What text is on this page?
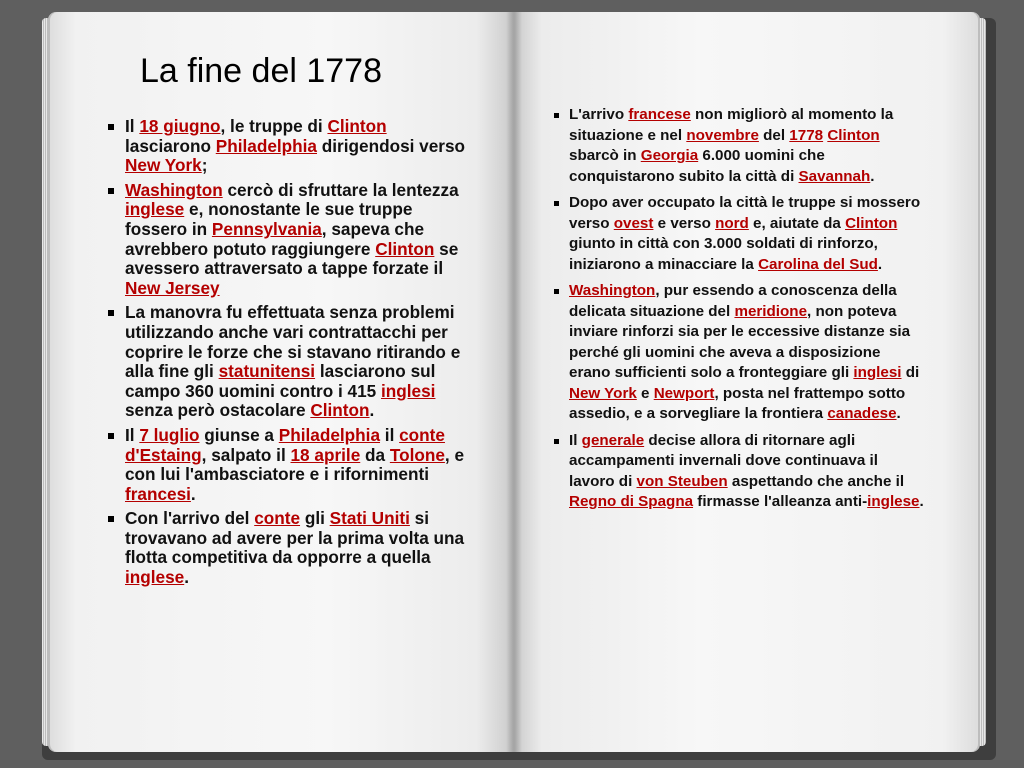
La fine del 1778
Il 18 giugno, le truppe di Clinton lasciarono Philadelphia dirigendosi verso New York;
Washington cercò di sfruttare la lentezza inglese e, nonostante le sue truppe fossero in Pennsylvania, sapeva che avrebbero potuto raggiungere Clinton se avessero attraversato a tappe forzate il New Jersey
La manovra fu effettuata senza problemi utilizzando anche vari contrattacchi per coprire le forze che si stavano ritirando e alla fine gli statunitensi lasciarono sul campo 360 uomini contro i 415 inglesi senza però ostacolare Clinton.
Il 7 luglio giunse a Philadelphia il conte d'Estaing, salpato il 18 aprile da Tolone, e con lui l'ambasciatore e i rifornimenti francesi.
Con l'arrivo del conte gli Stati Uniti si trovavano ad avere per la prima volta una flotta competitiva da opporre a quella inglese.
L'arrivo francese non migliorò al momento la situazione e nel novembre del 1778 Clinton sbarcò in Georgia 6.000 uomini che conquistarono subito la città di Savannah.
Dopo aver occupato la città le truppe si mossero verso ovest e verso nord e, aiutate da Clinton giunto in città con 3.000 soldati di rinforzo, iniziarono a minacciare la Carolina del Sud.
Washington, pur essendo a conoscenza della delicata situazione del meridione, non poteva inviare rinforzi sia per le eccessive distanze sia perché gli uomini che aveva a disposizione erano sufficienti solo a fronteggiare gli inglesi di New York e Newport, posta nel frattempo sotto assedio, e a sorvegliare la frontiera canadese.
Il generale decise allora di ritornare agli accampamenti invernali dove continuava il lavoro di von Steuben aspettando che anche il Regno di Spagna firmasse l'alleanza anti-inglese.
